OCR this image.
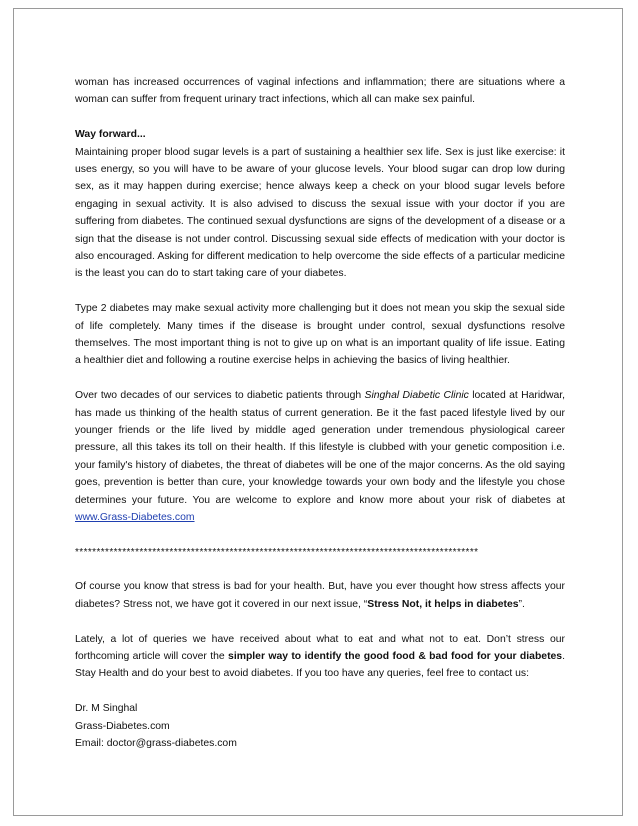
woman has increased occurrences of vaginal infections and inflammation; there are situations where a woman can suffer from frequent urinary tract infections, which all can make sex painful.

Way forward...
Maintaining proper blood sugar levels is a part of sustaining a healthier sex life. Sex is just like exercise: it uses energy, so you will have to be aware of your glucose levels. Your blood sugar can drop low during sex, as it may happen during exercise; hence always keep a check on your blood sugar levels before engaging in sexual activity. It is also advised to discuss the sexual issue with your doctor if you are suffering from diabetes. The continued sexual dysfunctions are signs of the development of a disease or a sign that the disease is not under control. Discussing sexual side effects of medication with your doctor is also encouraged. Asking for different medication to help overcome the side effects of a particular medicine is the least you can do to start taking care of your diabetes.

Type 2 diabetes may make sexual activity more challenging but it does not mean you skip the sexual side of life completely. Many times if the disease is brought under control, sexual dysfunctions resolve themselves. The most important thing is not to give up on what is an important quality of life issue. Eating a healthier diet and following a routine exercise helps in achieving the basics of living healthier.

Over two decades of our services to diabetic patients through Singhal Diabetic Clinic located at Haridwar, has made us thinking of the health status of current generation. Be it the fast paced lifestyle lived by our younger friends or the life lived by middle aged generation under tremendous physiological career pressure, all this takes its toll on their health. If this lifestyle is clubbed with your genetic composition i.e. your family's history of diabetes, the threat of diabetes will be one of the major concerns. As the old saying goes, prevention is better than cure, your knowledge towards your own body and the lifestyle you chose determines your future. You are welcome to explore and know more about your risk of diabetes at www.Grass-Diabetes.com

**********************************************************************************************

Of course you know that stress is bad for your health. But, have you ever thought how stress affects your diabetes? Stress not, we have got it covered in our next issue, “Stress Not, it helps in diabetes”.

Lately, a lot of queries we have received about what to eat and what not to eat. Don’t stress our forthcoming article will cover the simpler way to identify the good food & bad food for your diabetes. Stay Health and do your best to avoid diabetes. If you too have any queries, feel free to contact us:

Dr. M Singhal

Grass-Diabetes.com

Email: doctor@grass-diabetes.com
